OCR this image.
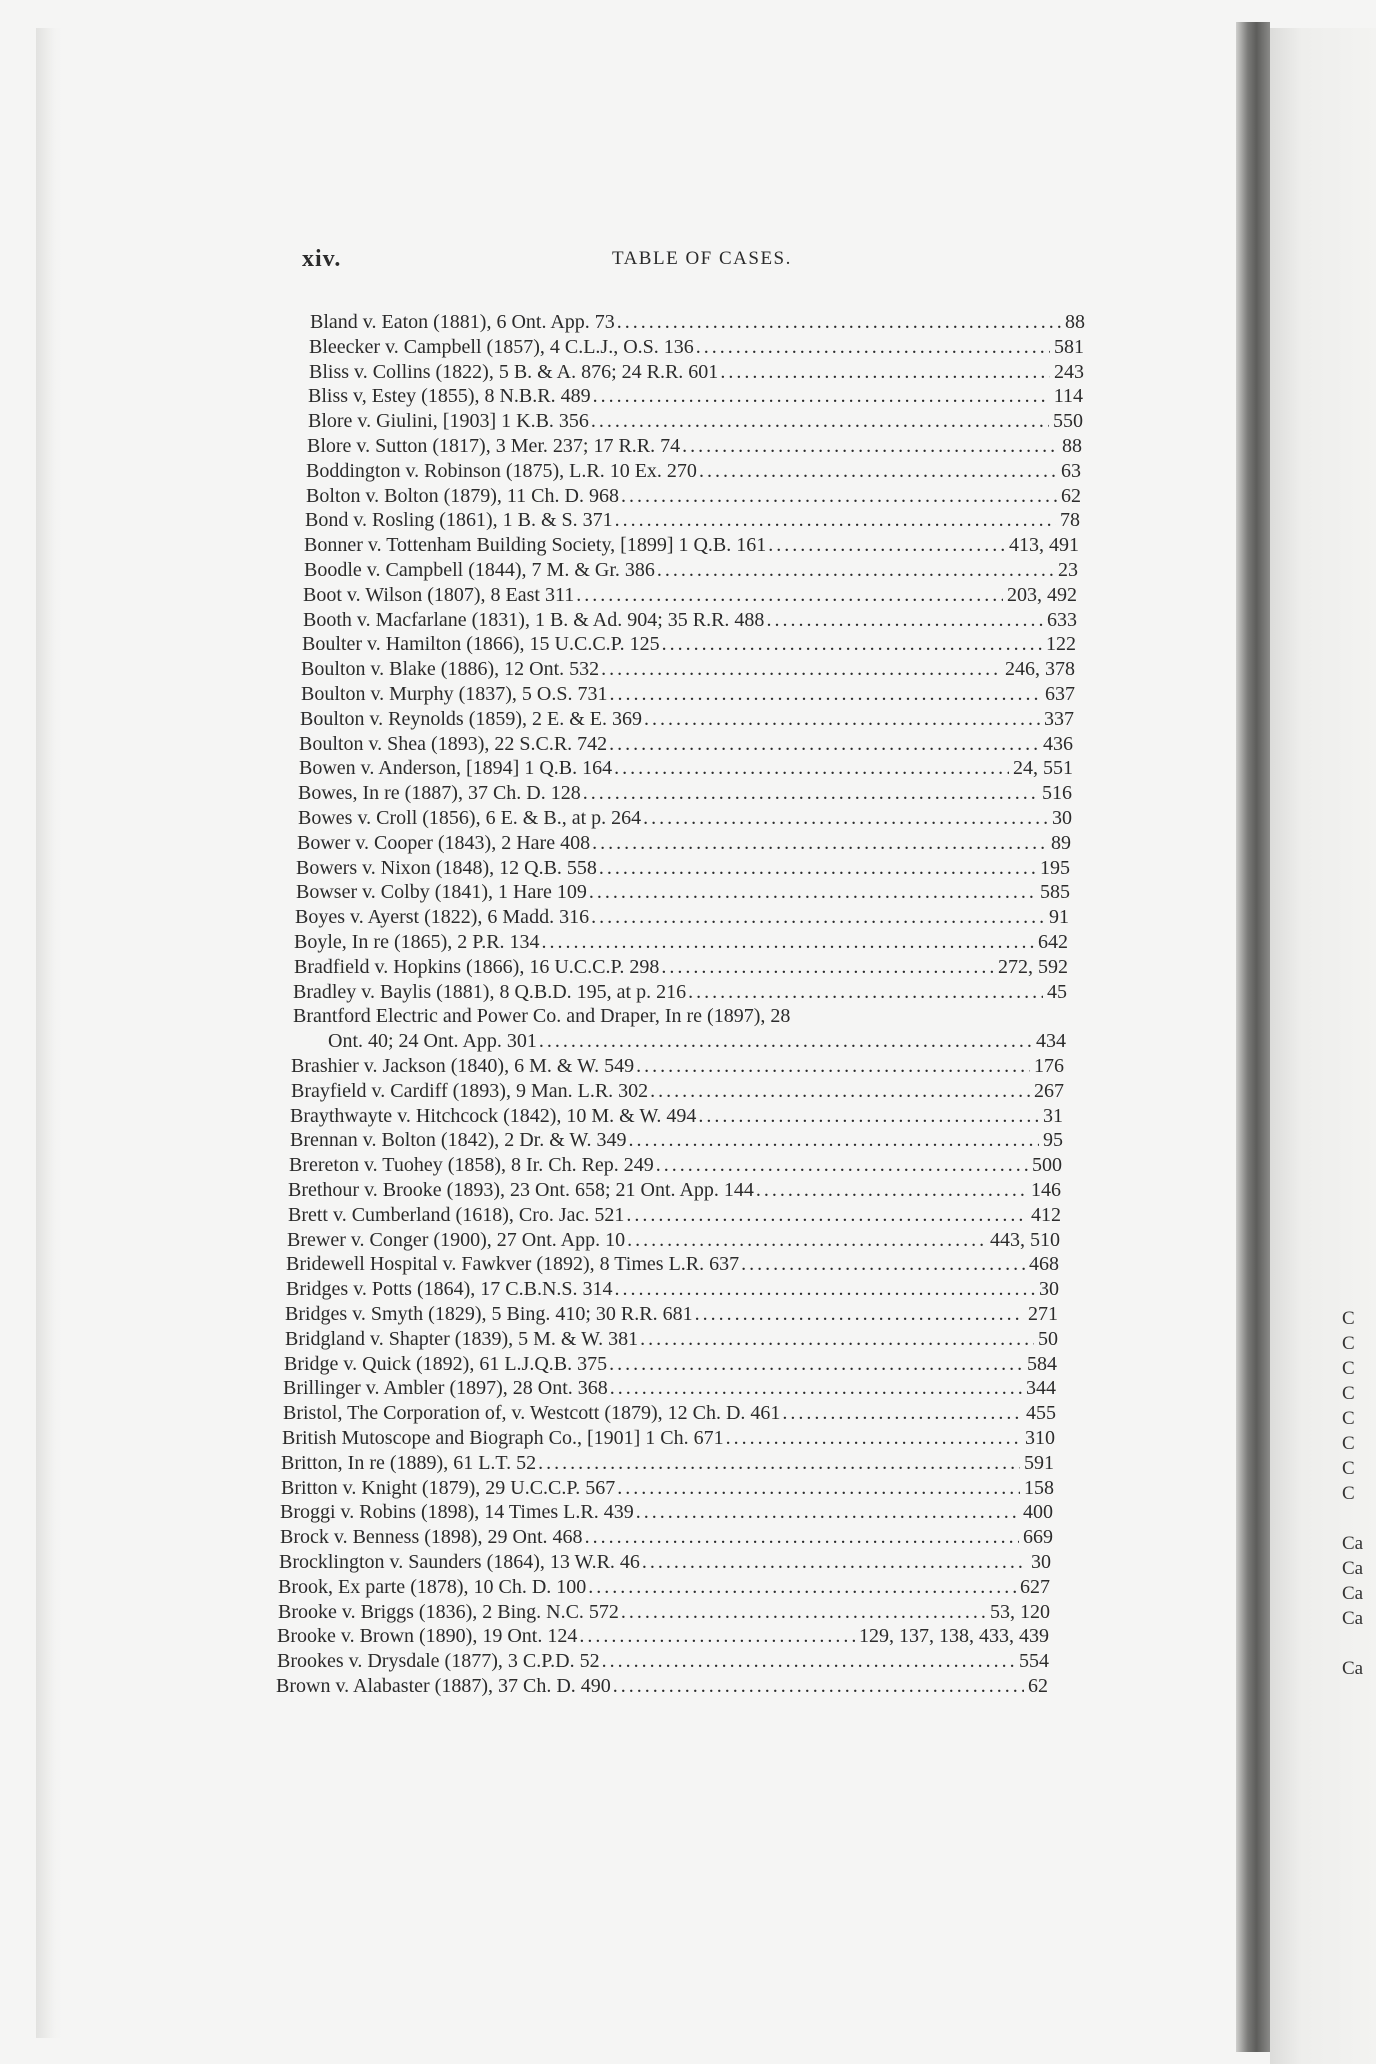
xiv.	TABLE OF CASES.
Bland v. Eaton (1881), 6 Ont. App. 73 . . .	88
Bleecker v. Campbell (1857), 4 C.L.J., O.S. 136 . . .	581
Bliss v. Collins (1822), 5 B. & A. 876; 24 R.R. 601 . . .	243
Bliss v, Estey (1855), 8 N.B.R. 489 . . .	114
Blore v. Giulini, [1903] 1 K.B. 356 . . .	550
Blore v. Sutton (1817), 3 Mer. 237; 17 R.R. 74 . . .	88
Boddington v. Robinson (1875), L.R. 10 Ex. 270 . . .	63
Bolton v. Bolton (1879), 11 Ch. D. 968 . . .	62
Bond v. Rosling (1861), 1 B. & S. 371 . . .	78
Bonner v. Tottenham Building Society, [1899] 1 Q.B. 161 . . .	413, 491
Boodle v. Campbell (1844), 7 M. & Gr. 386 . . .	23
Boot v. Wilson (1807), 8 East 311 . . .	203, 492
Booth v. Macfarlane (1831), 1 B. & Ad. 904; 35 R.R. 488 . . .	633
Boulter v. Hamilton (1866), 15 U.C.C.P. 125 . . .	122
Boulton v. Blake (1886), 12 Ont. 532 . . .	246, 378
Boulton v. Murphy (1837), 5 O.S. 731 . . .	637
Boulton v. Reynolds (1859), 2 E. & E. 369 . . .	337
Boulton v. Shea (1893), 22 S.C.R. 742 . . .	436
Bowen v. Anderson, [1894] 1 Q.B. 164 . . .	24, 551
Bowes, In re (1887), 37 Ch. D. 128 . . .	516
Bowes v. Croll (1856), 6 E. & B., at p. 264 . . .	30
Bower v. Cooper (1843), 2 Hare 408 . . .	89
Bowers v. Nixon (1848), 12 Q.B. 558 . . .	195
Bowser v. Colby (1841), 1 Hare 109 . . .	585
Boyes v. Ayerst (1822), 6 Madd. 316 . . .	91
Boyle, In re (1865), 2 P.R. 134 . . .	642
Bradfield v. Hopkins (1866), 16 U.C.C.P. 298 . . .	272, 592
Bradley v. Baylis (1881), 8 Q.B.D. 195, at p. 216 . . .	45
Brantford Electric and Power Co. and Draper, In re (1897), 28
Ont. 40; 24 Ont. App. 301 . . .	434
Brashier v. Jackson (1840), 6 M. & W. 549 . . .	176
Brayfield v. Cardiff (1893), 9 Man. L.R. 302 . . .	267
Braythwayte v. Hitchcock (1842), 10 M. & W. 494 . . .	31
Brennan v. Bolton (1842), 2 Dr. & W. 349 . . .	95
Brereton v. Tuohey (1858), 8 Ir. Ch. Rep. 249 . . .	500
Brethour v. Brooke (1893), 23 Ont. 658; 21 Ont. App. 144 . . .	146
Brett v. Cumberland (1618), Cro. Jac. 521 . . .	412
Brewer v. Conger (1900), 27 Ont. App. 10 . . .	443, 510
Bridewell Hospital v. Fawkver (1892), 8 Times L.R. 637 . . .	468
Bridges v. Potts (1864), 17 C.B.N.S. 314 . . .	30
Bridges v. Smyth (1829), 5 Bing. 410; 30 R.R. 681 . . .	271
Bridgland v. Shapter (1839), 5 M. & W. 381 . . .	50
Bridge v. Quick (1892), 61 L.J.Q.B. 375 . . .	584
Brillinger v. Ambler (1897), 28 Ont. 368 . . .	344
Bristol, The Corporation of, v. Westcott (1879), 12 Ch. D. 461 . . .	455
British Mutoscope and Biograph Co., [1901] 1 Ch. 671 . . .	310
Britton, In re (1889), 61 L.T. 52 . . .	591
Britton v. Knight (1879), 29 U.C.C.P. 567 . . .	158
Broggi v. Robins (1898), 14 Times L.R. 439 . . .	400
Brock v. Benness (1898), 29 Ont. 468 . . .	669
Brocklington v. Saunders (1864), 13 W.R. 46 . . .	30
Brook, Ex parte (1878), 10 Ch. D. 100 . . .	627
Brooke v. Briggs (1836), 2 Bing. N.C. 572 . . .	53, 120
Brooke v. Brown (1890), 19 Ont. 124 . . .	129, 137, 138, 433, 439
Brookes v. Drysdale (1877), 3 C.P.D. 52 . . .	554
Brown v. Alabaster (1887), 37 Ch. D. 490 . . .	62
C
C
C
C
C
C
C
C
Ca
Ca
Ca
Ca
Ca
